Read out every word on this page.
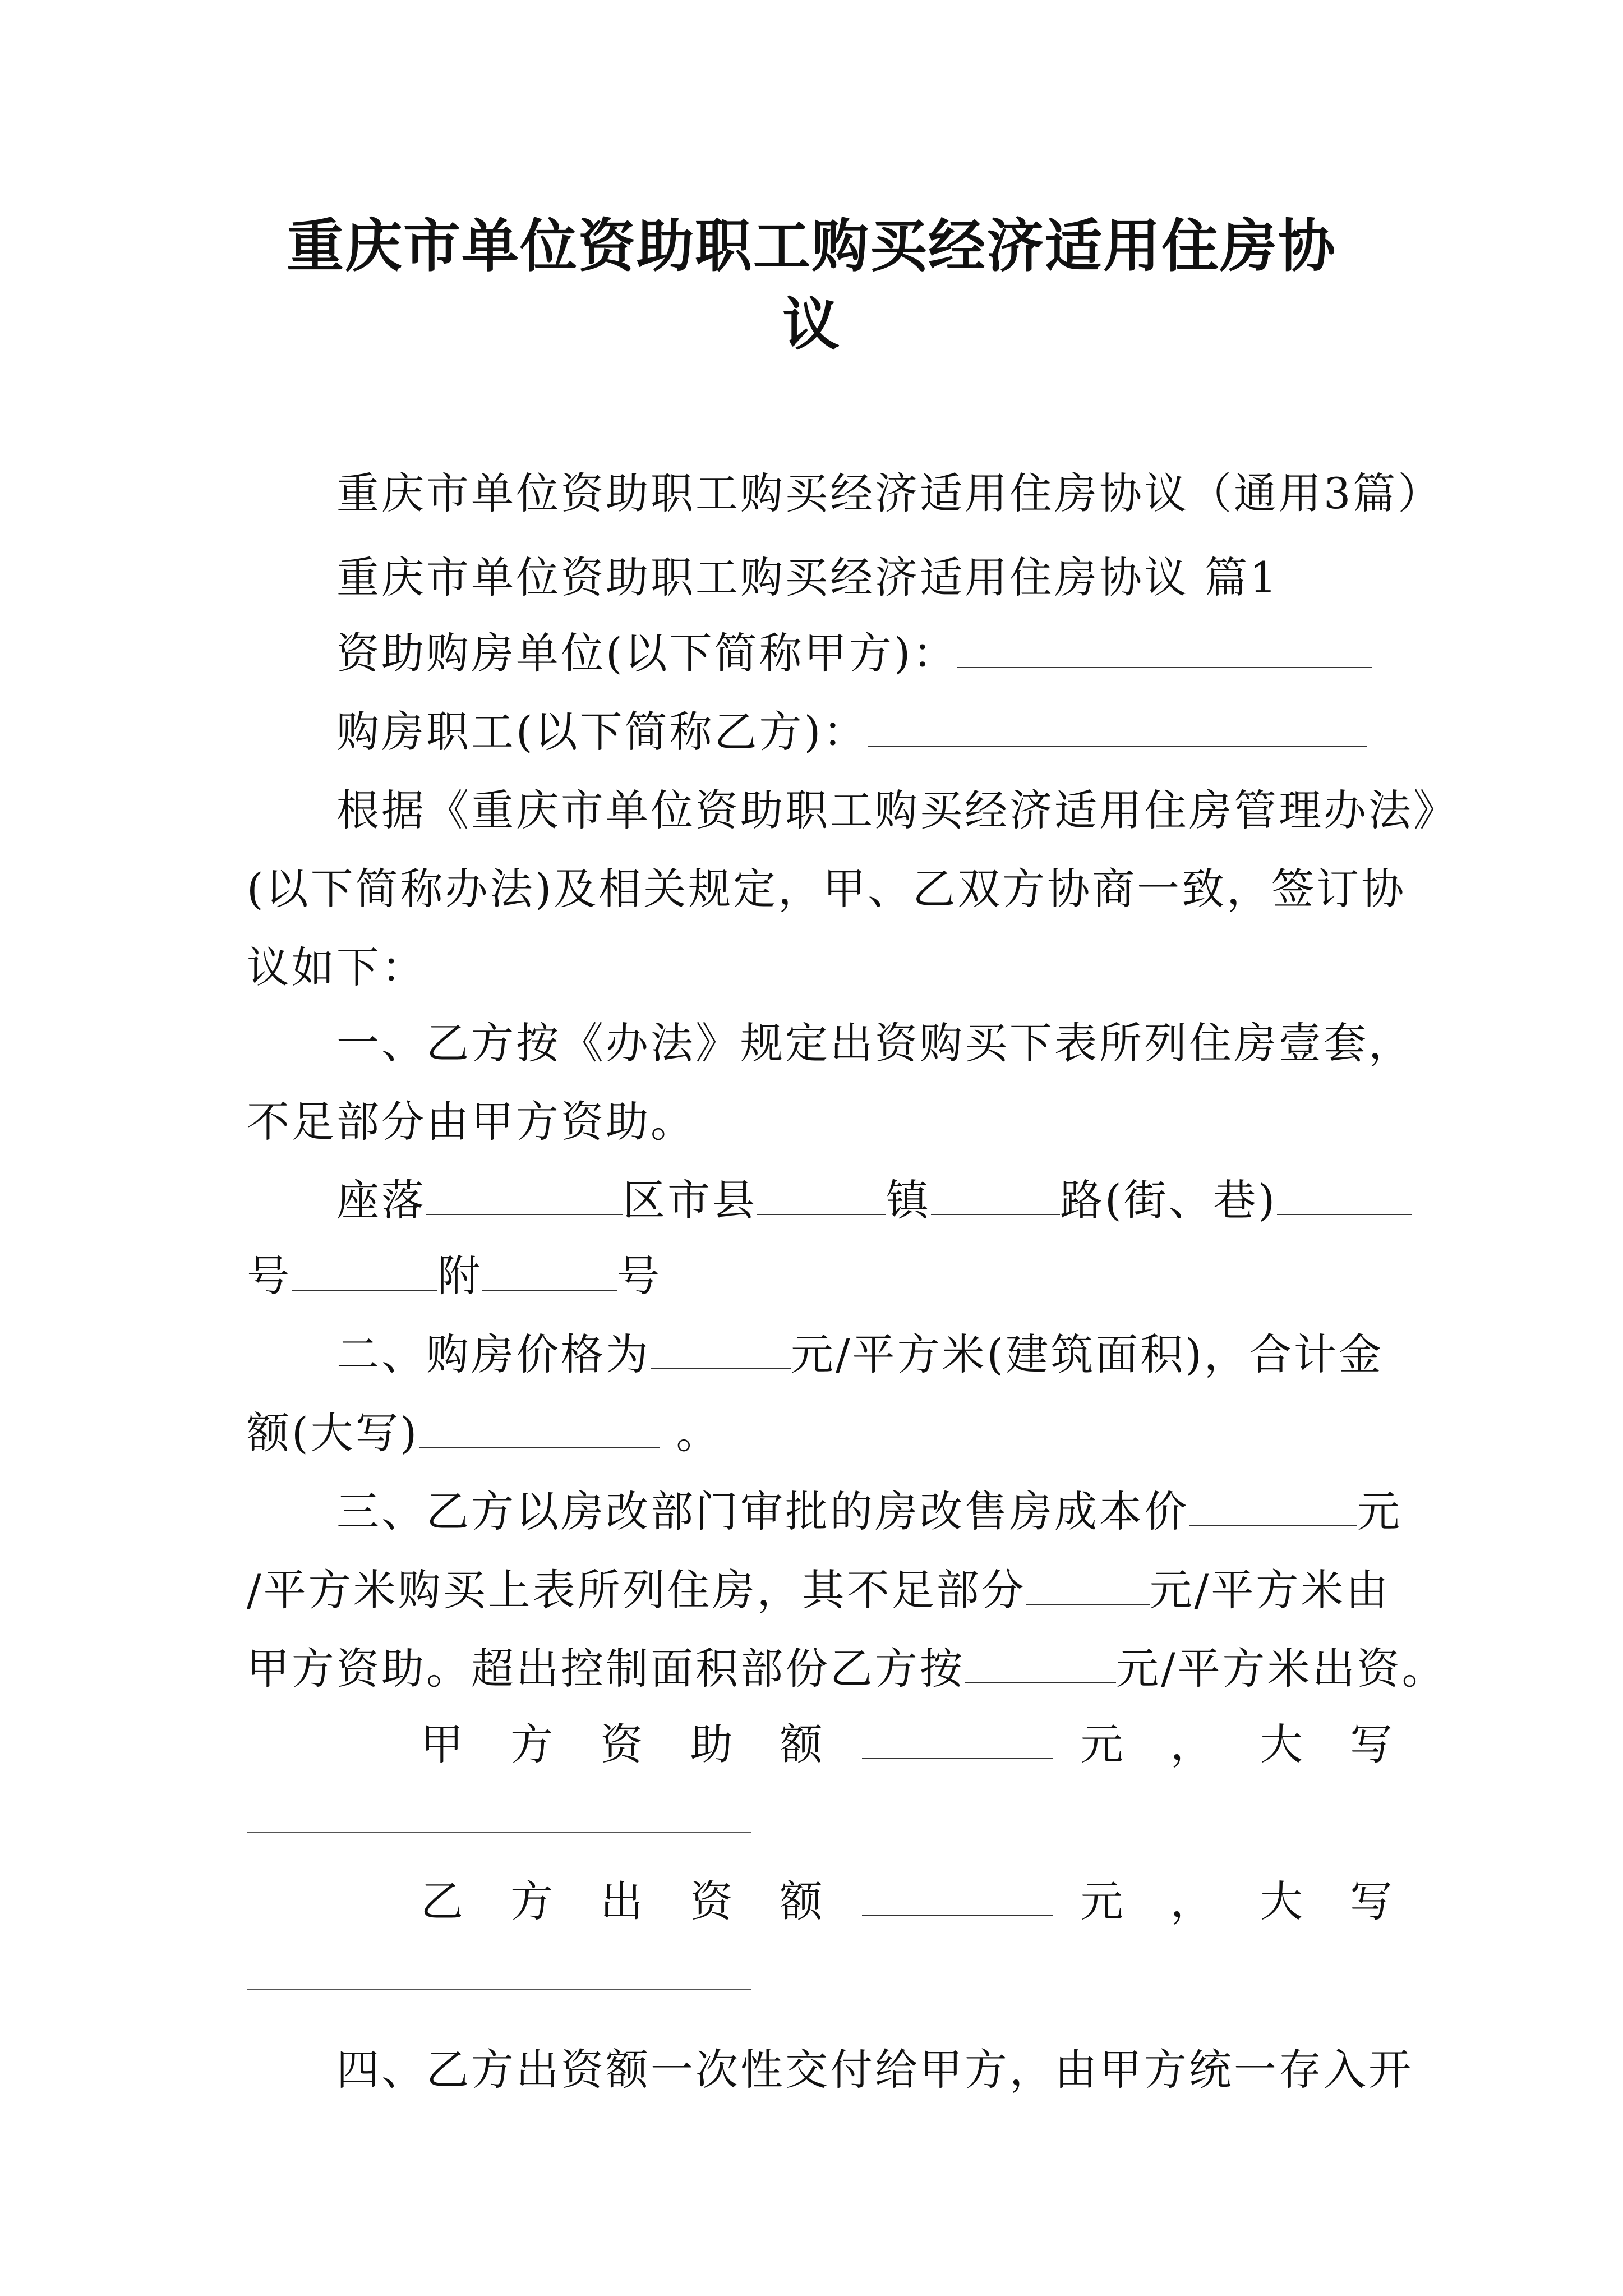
重庆市单位资助职工购买经济适用住房协
议
重庆市单位资助职工购买经济适用住房协议（通用3篇）
重庆市单位资助职工购买经济适用住房协议 篇1
资助购房单位(以下简称甲方)：
购房职工(以下简称乙方)：
根据《重庆市单位资助职工购买经济适用住房管理办法》
(以下简称办法)及相关规定，甲、乙双方协商一致，签订协
议如下：
一、乙方按《办法》规定出资购买下表所列住房壹套，
不足部分由甲方资助。
座落	区市县	镇	路(街、巷)
号	附	号
二、购房价格为	元/平方米(建筑面积)，合计金
额(大写)	。
三、乙方以房改部门审批的房改售房成本价	元
/平方米购买上表所列住房，其不足部分	元/平方米由
甲方资助。超出控制面积部份乙方按	元/平方米出资。
甲 方 资 助 额	元 ， 大 写
乙 方 出 资 额	元 ， 大 写
四、乙方出资额一次性交付给甲方，由甲方统一存入开
